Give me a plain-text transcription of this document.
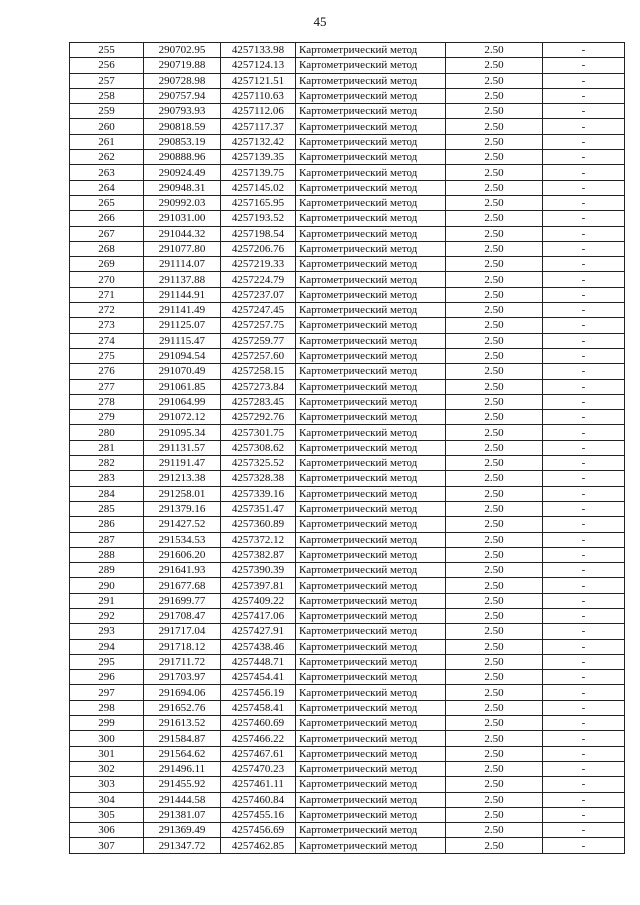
45
255	290702.95	4257133.98	Картометрический метод	2.50	-
256	290719.88	4257124.13	Картометрический метод	2.50	-
257	290728.98	4257121.51	Картометрический метод	2.50	-
258	290757.94	4257110.63	Картометрический метод	2.50	-
259	290793.93	4257112.06	Картометрический метод	2.50	-
260	290818.59	4257117.37	Картометрический метод	2.50	-
261	290853.19	4257132.42	Картометрический метод	2.50	-
262	290888.96	4257139.35	Картометрический метод	2.50	-
263	290924.49	4257139.75	Картометрический метод	2.50	-
264	290948.31	4257145.02	Картометрический метод	2.50	-
265	290992.03	4257165.95	Картометрический метод	2.50	-
266	291031.00	4257193.52	Картометрический метод	2.50	-
267	291044.32	4257198.54	Картометрический метод	2.50	-
268	291077.80	4257206.76	Картометрический метод	2.50	-
269	291114.07	4257219.33	Картометрический метод	2.50	-
270	291137.88	4257224.79	Картометрический метод	2.50	-
271	291144.91	4257237.07	Картометрический метод	2.50	-
272	291141.49	4257247.45	Картометрический метод	2.50	-
273	291125.07	4257257.75	Картометрический метод	2.50	-
274	291115.47	4257259.77	Картометрический метод	2.50	-
275	291094.54	4257257.60	Картометрический метод	2.50	-
276	291070.49	4257258.15	Картометрический метод	2.50	-
277	291061.85	4257273.84	Картометрический метод	2.50	-
278	291064.99	4257283.45	Картометрический метод	2.50	-
279	291072.12	4257292.76	Картометрический метод	2.50	-
280	291095.34	4257301.75	Картометрический метод	2.50	-
281	291131.57	4257308.62	Картометрический метод	2.50	-
282	291191.47	4257325.52	Картометрический метод	2.50	-
283	291213.38	4257328.38	Картометрический метод	2.50	-
284	291258.01	4257339.16	Картометрический метод	2.50	-
285	291379.16	4257351.47	Картометрический метод	2.50	-
286	291427.52	4257360.89	Картометрический метод	2.50	-
287	291534.53	4257372.12	Картометрический метод	2.50	-
288	291606.20	4257382.87	Картометрический метод	2.50	-
289	291641.93	4257390.39	Картометрический метод	2.50	-
290	291677.68	4257397.81	Картометрический метод	2.50	-
291	291699.77	4257409.22	Картометрический метод	2.50	-
292	291708.47	4257417.06	Картометрический метод	2.50	-
293	291717.04	4257427.91	Картометрический метод	2.50	-
294	291718.12	4257438.46	Картометрический метод	2.50	-
295	291711.72	4257448.71	Картометрический метод	2.50	-
296	291703.97	4257454.41	Картометрический метод	2.50	-
297	291694.06	4257456.19	Картометрический метод	2.50	-
298	291652.76	4257458.41	Картометрический метод	2.50	-
299	291613.52	4257460.69	Картометрический метод	2.50	-
300	291584.87	4257466.22	Картометрический метод	2.50	-
301	291564.62	4257467.61	Картометрический метод	2.50	-
302	291496.11	4257470.23	Картометрический метод	2.50	-
303	291455.92	4257461.11	Картометрический метод	2.50	-
304	291444.58	4257460.84	Картометрический метод	2.50	-
305	291381.07	4257455.16	Картометрический метод	2.50	-
306	291369.49	4257456.69	Картометрический метод	2.50	-
307	291347.72	4257462.85	Картометрический метод	2.50	-
